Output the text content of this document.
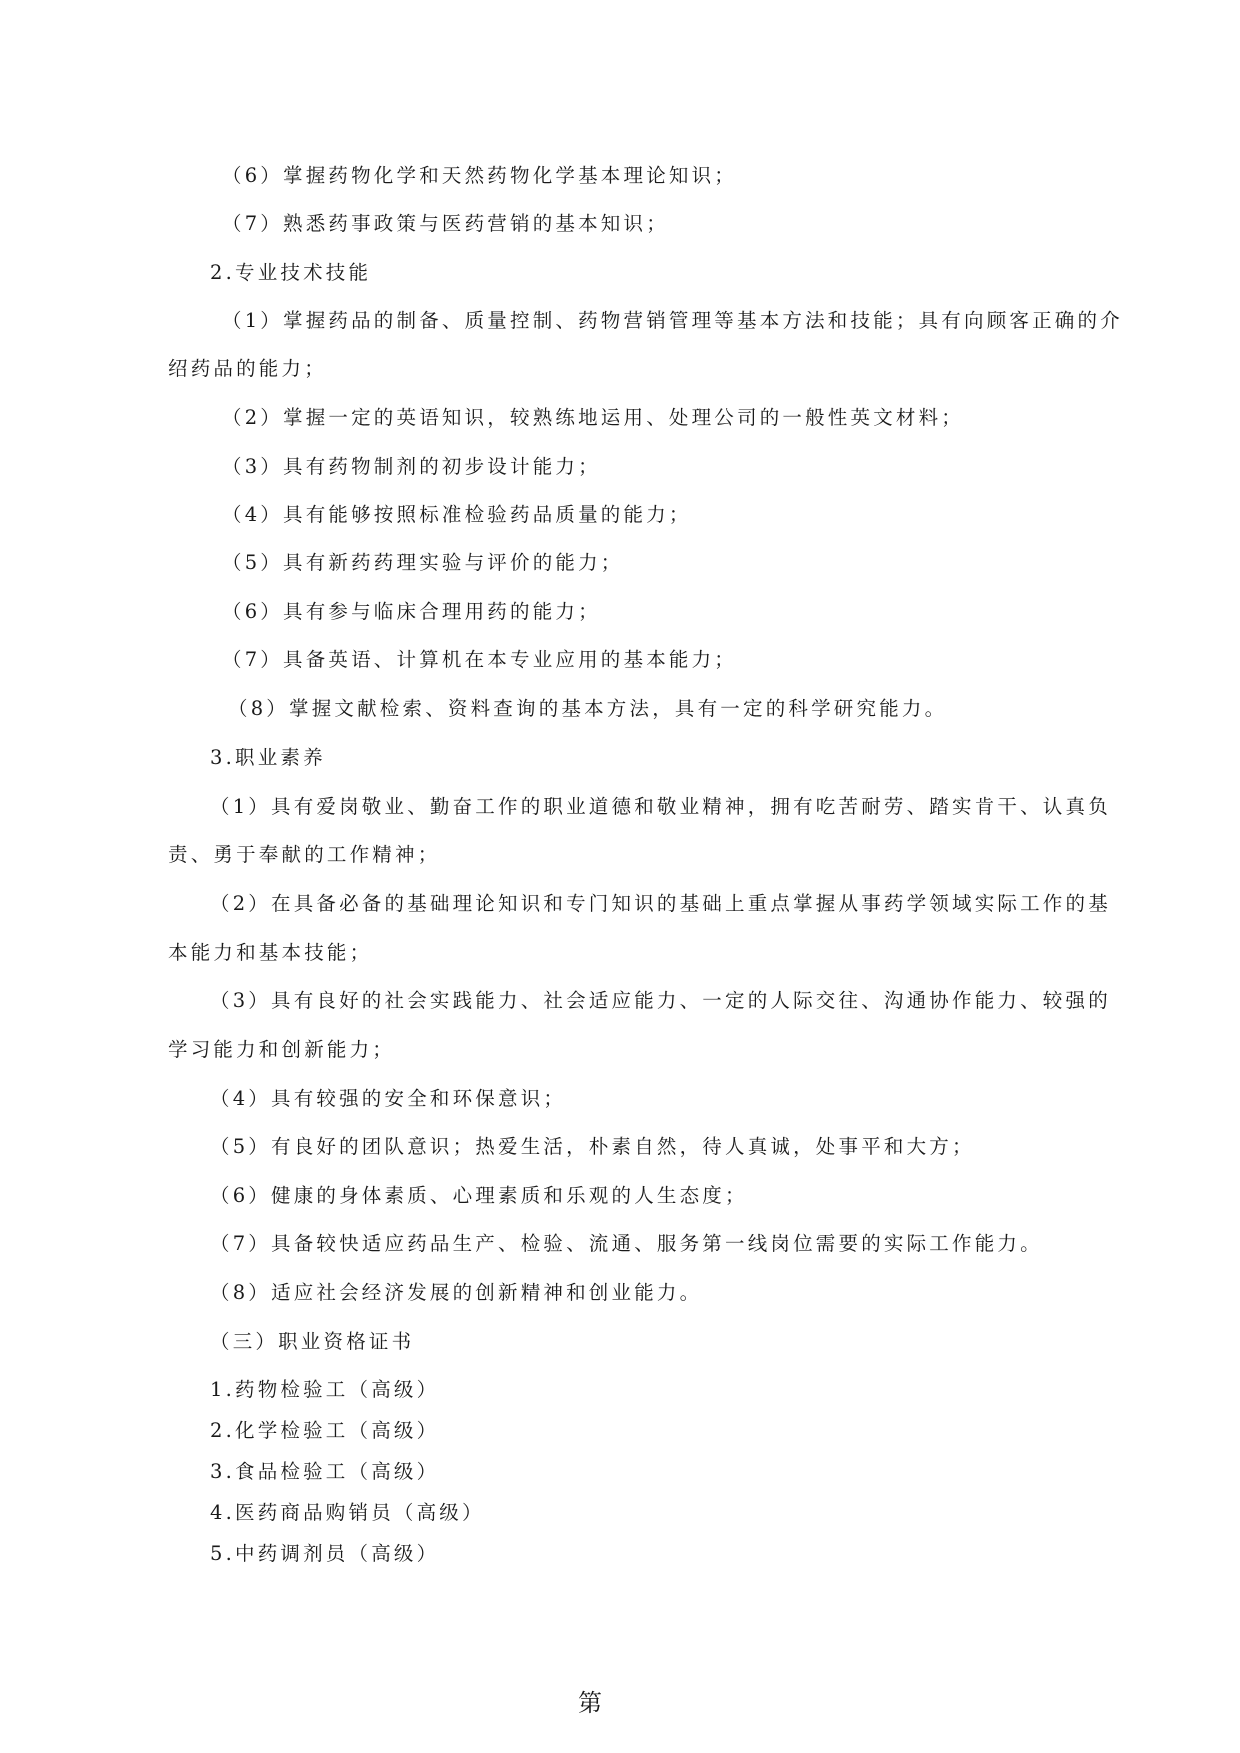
（6）掌握药物化学和天然药物化学基本理论知识；
（7）熟悉药事政策与医药营销的基本知识；
2.专业技术技能
（1）掌握药品的制备、质量控制、药物营销管理等基本方法和技能；具有向顾客正确的介
绍药品的能力；
（2）掌握一定的英语知识，较熟练地运用、处理公司的一般性英文材料；
（3）具有药物制剂的初步设计能力；
（4）具有能够按照标准检验药品质量的能力；
（5）具有新药药理实验与评价的能力；
（6）具有参与临床合理用药的能力；
（7）具备英语、计算机在本专业应用的基本能力；
（8）掌握文献检索、资料查询的基本方法，具有一定的科学研究能力。
3.职业素养
（1）具有爱岗敬业、勤奋工作的职业道德和敬业精神，拥有吃苦耐劳、踏实肯干、认真负
责、勇于奉献的工作精神；
（2）在具备必备的基础理论知识和专门知识的基础上重点掌握从事药学领域实际工作的基
本能力和基本技能；
（3）具有良好的社会实践能力、社会适应能力、一定的人际交往、沟通协作能力、较强的
学习能力和创新能力；
（4）具有较强的安全和环保意识；
（5）有良好的团队意识；热爱生活，朴素自然，待人真诚，处事平和大方；
（6）健康的身体素质、心理素质和乐观的人生态度；
（7）具备较快适应药品生产、检验、流通、服务第一线岗位需要的实际工作能力。
（8）适应社会经济发展的创新精神和创业能力。
（三）职业资格证书
1.药物检验工（高级）
2.化学检验工（高级）
3.食品检验工（高级）
4.医药商品购销员（高级）
5.中药调剂员（高级）
第
